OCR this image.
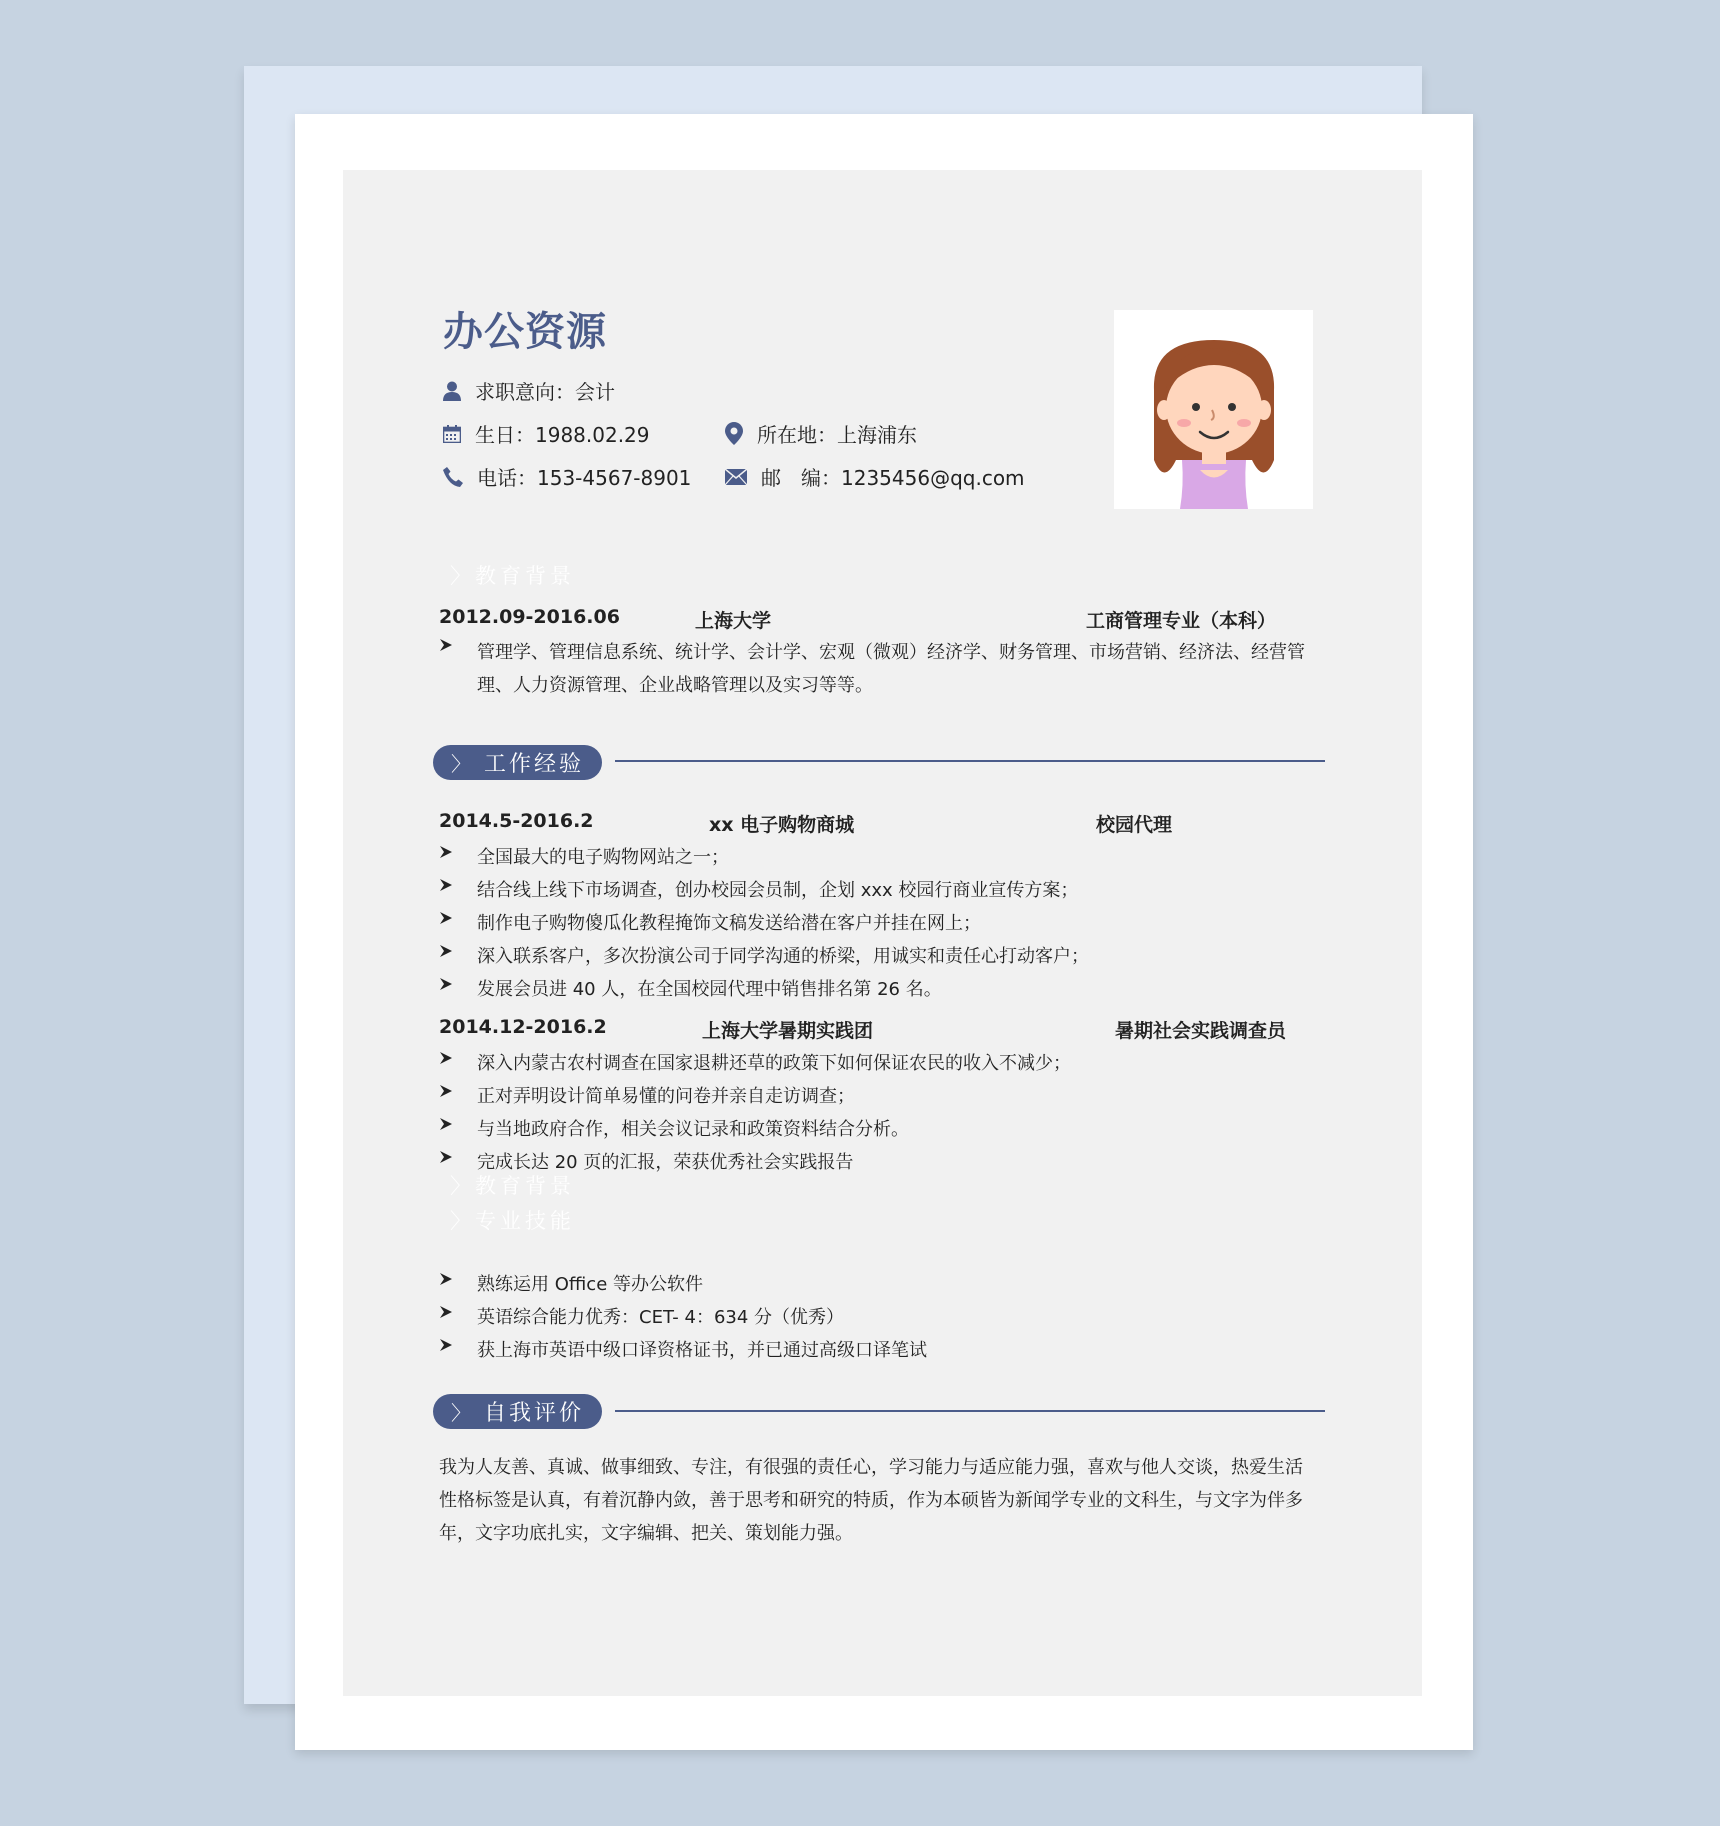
办公资源
求职意向：会计
生日：1988.02.29	所在地：上海浦东
电话：153-4567-8901	邮　编：1235456@qq.com
〉教育背景
2012.09-2016.06	上海大学	工商管理专业（本科）
管理学、管理信息系统、统计学、会计学、宏观（微观）经济学、财务管理、市场营销、经济法、经营管理、人力资源管理、企业战略管理以及实习等等。
〉 工作经验
2014.5-2016.2	xx 电子购物商城	校园代理
全国最大的电子购物网站之一；
结合线上线下市场调查，创办校园会员制，企划 xxx 校园行商业宣传方案；
制作电子购物傻瓜化教程掩饰文稿发送给潜在客户并挂在网上；
深入联系客户，多次扮演公司于同学沟通的桥梁，用诚实和责任心打动客户；
发展会员进 40 人，在全国校园代理中销售排名第 26 名。
2014.12-2016.2	上海大学暑期实践团	暑期社会实践调查员
深入内蒙古农村调查在国家退耕还草的政策下如何保证农民的收入不减少；
正对弄明设计简单易懂的问卷并亲自走访调查；
与当地政府合作，相关会议记录和政策资料结合分析。
完成长达 20 页的汇报，荣获优秀社会实践报告
〉教育背景
〉专业技能
熟练运用 Office 等办公软件
英语综合能力优秀：CET- 4：634 分（优秀）
获上海市英语中级口译资格证书，并已通过高级口译笔试
〉 自我评价
我为人友善、真诚、做事细致、专注，有很强的责任心，学习能力与适应能力强，喜欢与他人交谈，热爱生活性格标签是认真，有着沉静内敛，善于思考和研究的特质，作为本硕皆为新闻学专业的文科生，与文字为伴多年，文字功底扎实，文字编辑、把关、策划能力强。
